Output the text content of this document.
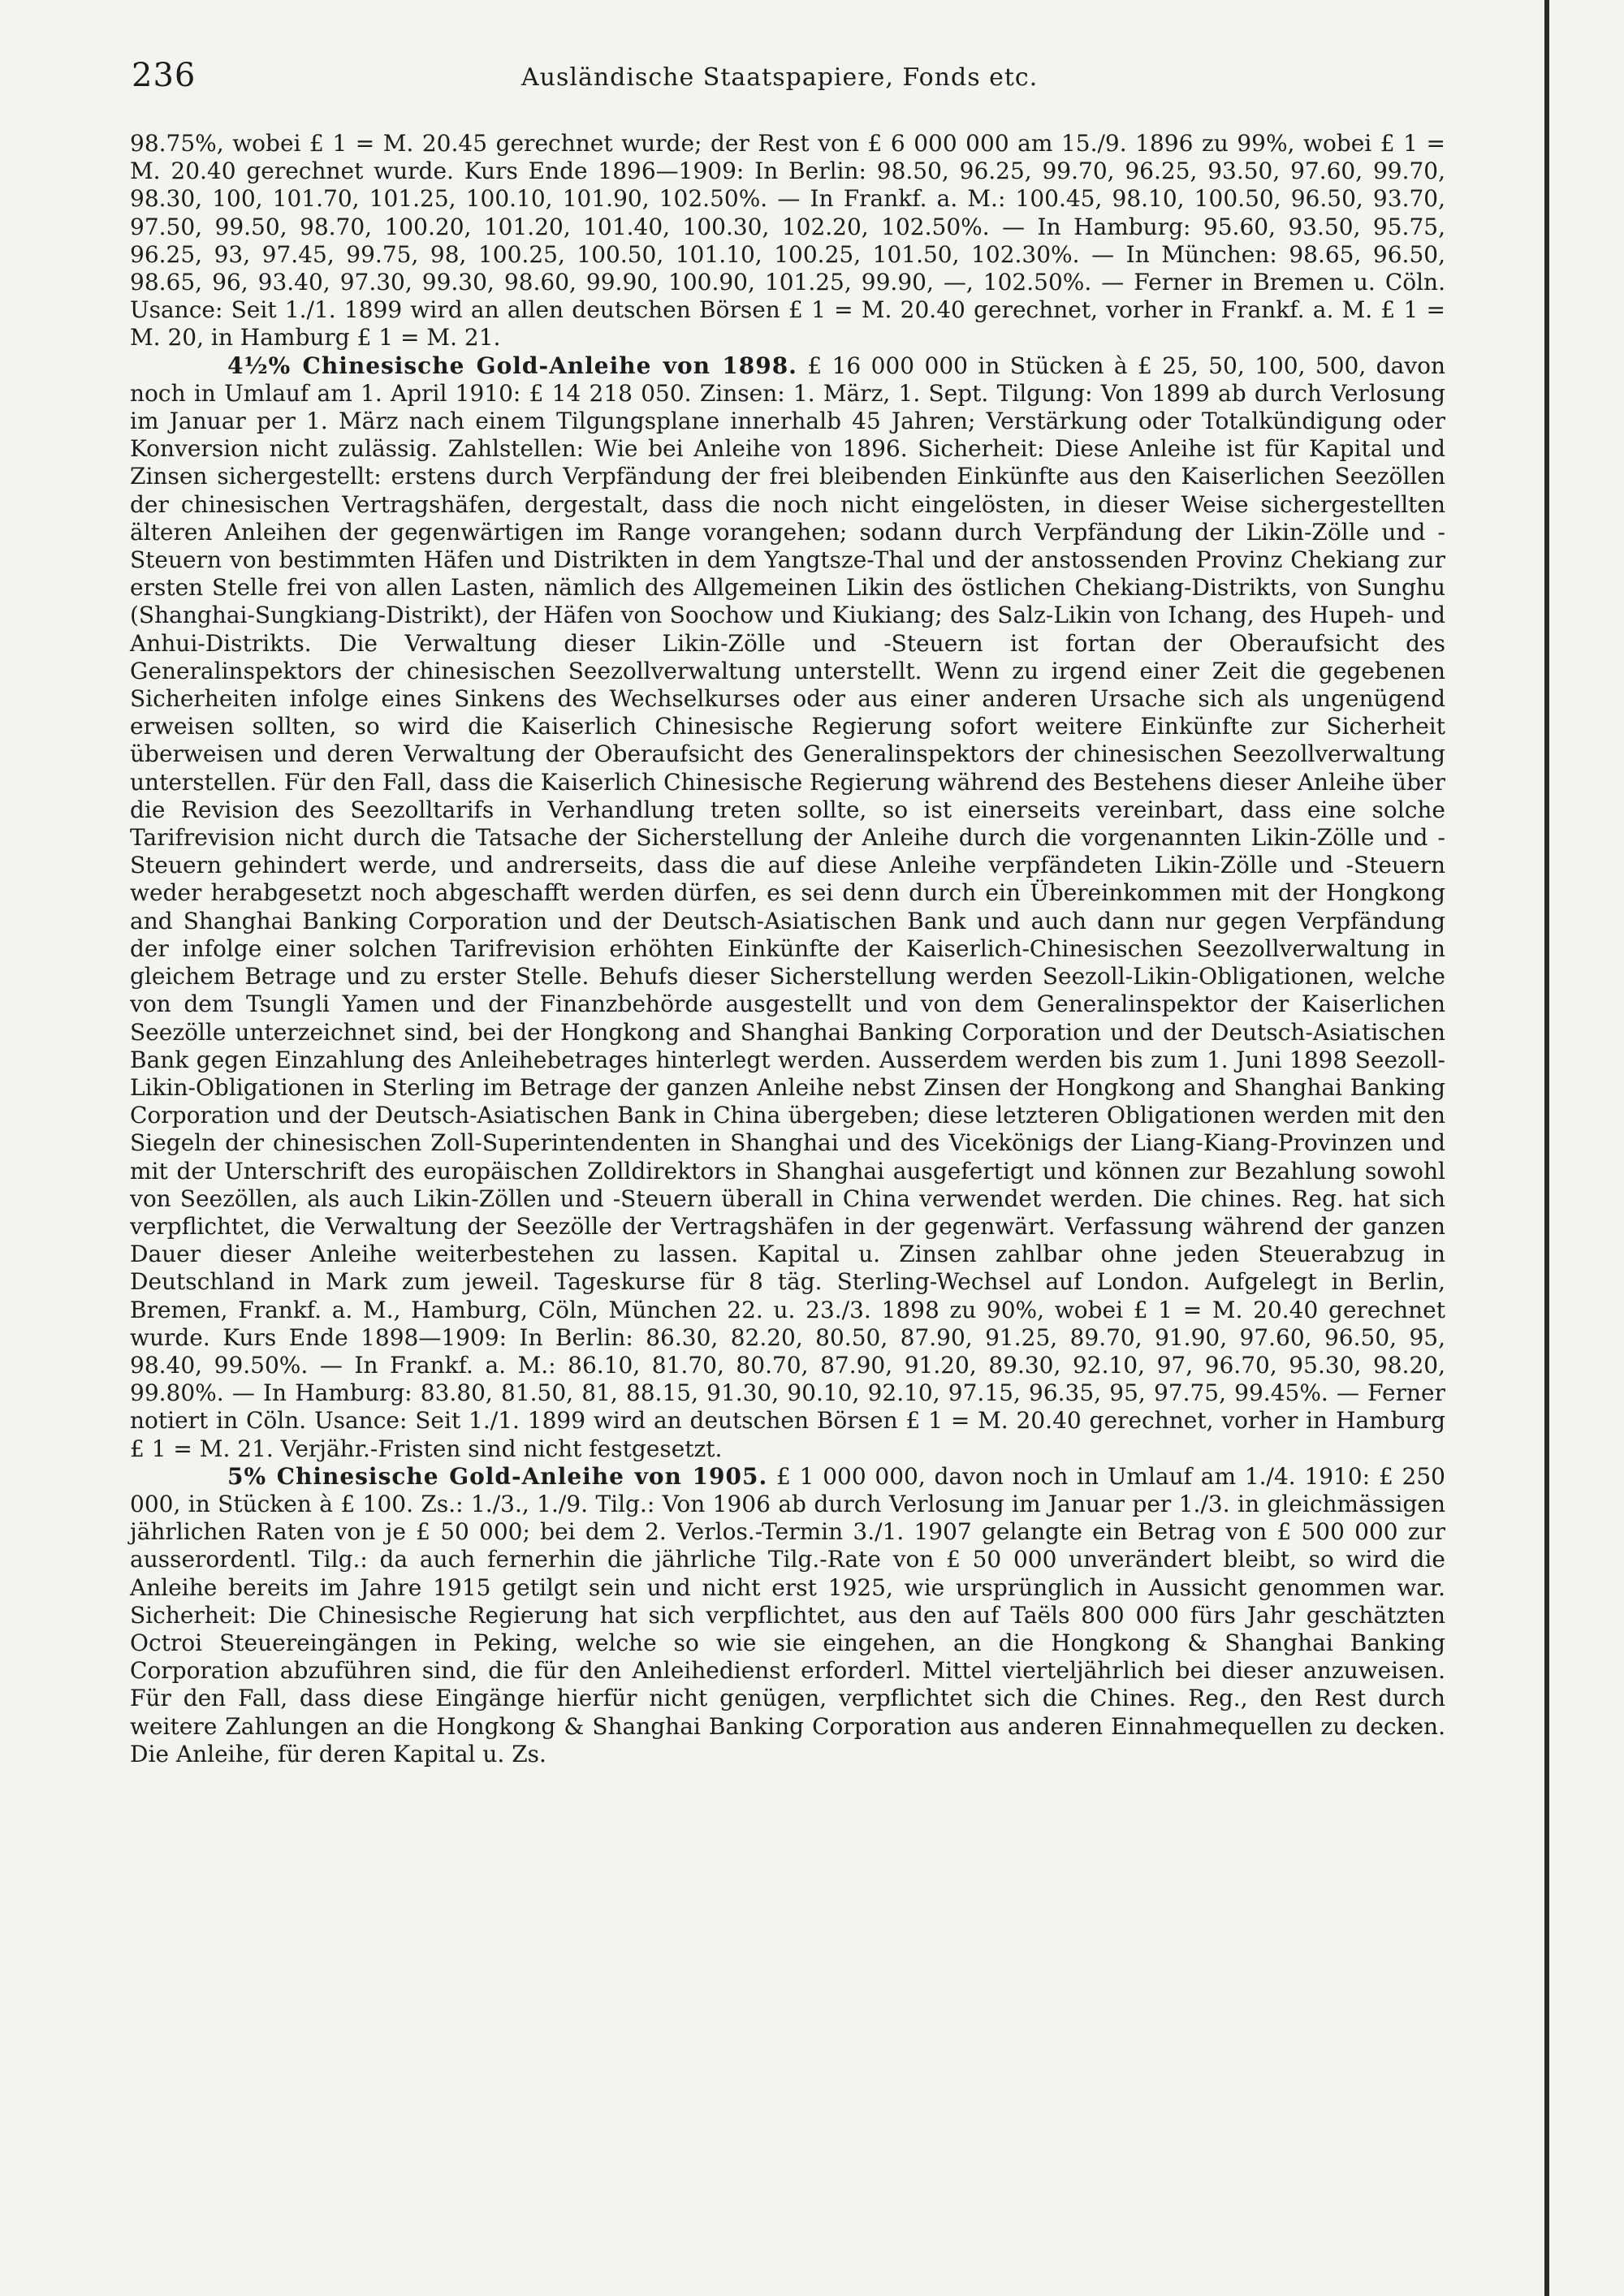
236	Ausländische Staatspapiere, Fonds etc.

98.75%, wobei £ 1 = M. 20.45 gerechnet wurde; der Rest von £ 6 000 000 am 15./9. 1896 zu 99%, wobei £ 1 = M. 20.40 gerechnet wurde. Kurs Ende 1896—1909: In Berlin: 98.50, 96.25, 99.70, 96.25, 93.50, 97.60, 99.70, 98.30, 100, 101.70, 101.25, 100.10, 101.90, 102.50%. — In Frankf. a. M.: 100.45, 98.10, 100.50, 96.50, 93.70, 97.50, 99.50, 98.70, 100.20, 101.20, 101.40, 100.30, 102.20, 102.50%. — In Hamburg: 95.60, 93.50, 95.75, 96.25, 93, 97.45, 99.75, 98, 100.25, 100.50, 101.10, 100.25, 101.50, 102.30%. — In München: 98.65, 96.50, 98.65, 96, 93.40, 97.30, 99.30, 98.60, 99.90, 100.90, 101.25, 99.90, —, 102.50%. — Ferner in Bremen u. Cöln. Usance: Seit 1./1. 1899 wird an allen deutschen Börsen £ 1 = M. 20.40 gerechnet, vorher in Frankf. a. M. £ 1 = M. 20, in Hamburg £ 1 = M. 21.

4½% Chinesische Gold-Anleihe von 1898. £ 16 000 000 in Stücken à £ 25, 50, 100, 500, davon noch in Umlauf am 1. April 1910: £ 14 218 050. Zinsen: 1. März, 1. Sept. Tilgung: Von 1899 ab durch Verlosung im Januar per 1. März nach einem Tilgungsplane innerhalb 45 Jahren; Verstärkung oder Totalkündigung oder Konversion nicht zulässig. Zahlstellen: Wie bei Anleihe von 1896. Sicherheit: Diese Anleihe ist für Kapital und Zinsen sichergestellt: erstens durch Verpfändung der frei bleibenden Einkünfte aus den Kaiserlichen Seezöllen der chinesischen Vertragshäfen, dergestalt, dass die noch nicht eingelösten, in dieser Weise sichergestellten älteren Anleihen der gegenwärtigen im Range vorangehen; sodann durch Verpfändung der Likin-Zölle und -Steuern von bestimmten Häfen und Distrikten in dem Yangtsze-Thal und der anstossenden Provinz Chekiang zur ersten Stelle frei von allen Lasten, nämlich des Allgemeinen Likin des östlichen Chekiang-Distrikts, von Sunghu (Shanghai-Sungkiang-Distrikt), der Häfen von Soochow und Kiukiang; des Salz-Likin von Ichang, des Hupeh- und Anhui-Distrikts. Die Verwaltung dieser Likin-Zölle und -Steuern ist fortan der Oberaufsicht des Generalinspektors der chinesischen Seezollverwaltung unterstellt. Wenn zu irgend einer Zeit die gegebenen Sicherheiten infolge eines Sinkens des Wechselkurses oder aus einer anderen Ursache sich als ungenügend erweisen sollten, so wird die Kaiserlich Chinesische Regierung sofort weitere Einkünfte zur Sicherheit überweisen und deren Verwaltung der Oberaufsicht des Generalinspektors der chinesischen Seezollverwaltung unterstellen. Für den Fall, dass die Kaiserlich Chinesische Regierung während des Bestehens dieser Anleihe über die Revision des Seezolltarifs in Verhandlung treten sollte, so ist einerseits vereinbart, dass eine solche Tarifrevision nicht durch die Tatsache der Sicherstellung der Anleihe durch die vorgenannten Likin-Zölle und -Steuern gehindert werde, und andrerseits, dass die auf diese Anleihe verpfändeten Likin-Zölle und -Steuern weder herabgesetzt noch abgeschafft werden dürfen, es sei denn durch ein Übereinkommen mit der Hongkong and Shanghai Banking Corporation und der Deutsch-Asiatischen Bank und auch dann nur gegen Verpfändung der infolge einer solchen Tarifrevision erhöhten Einkünfte der Kaiserlich-Chinesischen Seezollverwaltung in gleichem Betrage und zu erster Stelle. Behufs dieser Sicherstellung werden Seezoll-Likin-Obligationen, welche von dem Tsungli Yamen und der Finanzbehörde ausgestellt und von dem Generalinspektor der Kaiserlichen Seezölle unterzeichnet sind, bei der Hongkong and Shanghai Banking Corporation und der Deutsch-Asiatischen Bank gegen Einzahlung des Anleihebetrages hinterlegt werden. Ausserdem werden bis zum 1. Juni 1898 Seezoll-Likin-Obligationen in Sterling im Betrage der ganzen Anleihe nebst Zinsen der Hongkong and Shanghai Banking Corporation und der Deutsch-Asiatischen Bank in China übergeben; diese letzteren Obligationen werden mit den Siegeln der chinesischen Zoll-Superintendenten in Shanghai und des Vicekönigs der Liang-Kiang-Provinzen und mit der Unterschrift des europäischen Zolldirektors in Shanghai ausgefertigt und können zur Bezahlung sowohl von Seezöllen, als auch Likin-Zöllen und -Steuern überall in China verwendet werden. Die chines. Reg. hat sich verpflichtet, die Verwaltung der Seezölle der Vertragshäfen in der gegenwärt. Verfassung während der ganzen Dauer dieser Anleihe weiterbestehen zu lassen. Kapital u. Zinsen zahlbar ohne jeden Steuerabzug in Deutschland in Mark zum jeweil. Tageskurse für 8 täg. Sterling-Wechsel auf London. Aufgelegt in Berlin, Bremen, Frankf. a. M., Hamburg, Cöln, München 22. u. 23./3. 1898 zu 90%, wobei £ 1 = M. 20.40 gerechnet wurde. Kurs Ende 1898—1909: In Berlin: 86.30, 82.20, 80.50, 87.90, 91.25, 89.70, 91.90, 97.60, 96.50, 95, 98.40, 99.50%. — In Frankf. a. M.: 86.10, 81.70, 80.70, 87.90, 91.20, 89.30, 92.10, 97, 96.70, 95.30, 98.20, 99.80%. — In Hamburg: 83.80, 81.50, 81, 88.15, 91.30, 90.10, 92.10, 97.15, 96.35, 95, 97.75, 99.45%. — Ferner notiert in Cöln. Usance: Seit 1./1. 1899 wird an deutschen Börsen £ 1 = M. 20.40 gerechnet, vorher in Hamburg £ 1 = M. 21. Verjähr.-Fristen sind nicht festgesetzt.

5% Chinesische Gold-Anleihe von 1905. £ 1 000 000, davon noch in Umlauf am 1./4. 1910: £ 250 000, in Stücken à £ 100. Zs.: 1./3., 1./9. Tilg.: Von 1906 ab durch Verlosung im Januar per 1./3. in gleichmässigen jährlichen Raten von je £ 50 000; bei dem 2. Verlos.-Termin 3./1. 1907 gelangte ein Betrag von £ 500 000 zur ausserordentl. Tilg.: da auch fernerhin die jährliche Tilg.-Rate von £ 50 000 unverändert bleibt, so wird die Anleihe bereits im Jahre 1915 getilgt sein und nicht erst 1925, wie ursprünglich in Aussicht genommen war. Sicherheit: Die Chinesische Regierung hat sich verpflichtet, aus den auf Taëls 800 000 fürs Jahr geschätzten Octroi Steuereingängen in Peking, welche so wie sie eingehen, an die Hongkong & Shanghai Banking Corporation abzuführen sind, die für den Anleihedienst erforderl. Mittel vierteljährlich bei dieser anzuweisen. Für den Fall, dass diese Eingänge hierfür nicht genügen, verpflichtet sich die Chines. Reg., den Rest durch weitere Zahlungen an die Hongkong & Shanghai Banking Corporation aus anderen Einnahmequellen zu decken. Die Anleihe, für deren Kapital u. Zs.
